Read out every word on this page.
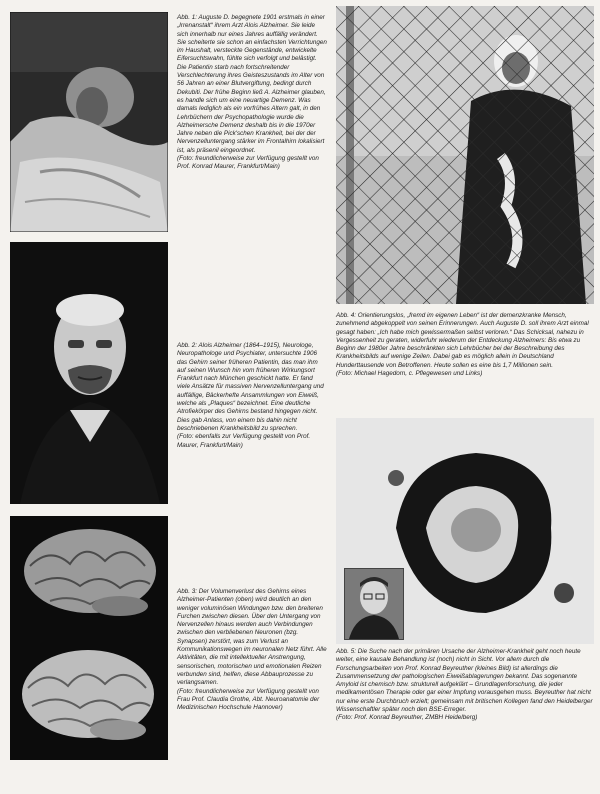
Abb. 1: Auguste D. begegnete 1901 erstmals in einer „Irrenanstalt“ ihrem Arzt Alois Alzheimer. Sie leide sich innerhalb nur eines Jahres auffällig verändert. Sie scheiterte sie schon an einfachsten Verrichtungen im Haushalt, versteckte Gegenstände, entwickelte Eifersuchtswahn, fühlte sich verfolgt und belästigt. Die Patientin starb nach fortschreitender Verschlechterung ihres Geisteszustands im Alter von 56 Jahren an einer Blutvergiftung, bedingt durch Dekubiti. Der frühe Beginn ließ A. Alzheimer glauben, es handle sich um eine neuartige Demenz. Was damals lediglich als ein vorfrühes Altern galt, in den Lehrbüchern der Psychopathologie wurde die Alzheimersche Demenz deshalb bis in die 1970er Jahre neben die Pick'schen Krankheit, bei der der Nervenzelluntergang stärker im Frontalhirn lokalisiert ist, als präsenil eingeordnet.

(Foto: freundlicherweise zur Verfügung gestellt von Prof. Konrad Maurer, Frankfurt/Main)

Abb. 4: Orientierungslos, „fremd im eigenen Leben“ ist der demenzkranke Mensch, zunehmend abgekoppelt von seinen Erinnerungen. Auch Auguste D. soll ihrem Arzt einmal gesagt haben: „Ich habe mich gewissermaßen selbst verloren.“ Das Schicksal, nahezu in Vergessenheit zu geraten, widerfuhr wiederum der Entdeckung Alzheimers: Bis etwa zu Beginn der 1980er Jahre beschränkten sich Lehrbücher bei der Beschreibung des Krankheitsbilds auf wenige Zeilen. Dabei gab es möglich allein in Deutschland Hunderttausende von Betroffenen. Heute sollen es eine bis 1,7 Millionen sein.

(Foto: Michael Hagedorn, c. Pflegewesen und Links)

Abb. 2: Alois Alzheimer (1864–1915), Neurologe, Neuropathologe und Psychiater, untersuchte 1906 das Gehirn seiner früheren Patientin, das man ihm auf seinen Wunsch hin vom früheren Wirkungsort Frankfurt nach München geschickt hatte. Er fand viele Ansätze für massiven Nervenzelluntergang und auffällige, Bäckerhefte Ansammlungen von Eiweiß, welche als „Plaques“ bezeichnet. Eine deutliche Atrofiekörper des Gehirns bestand hingegen nicht. Dies gab Anlass, von einem bis dahin nicht beschriebenen Krankheitsbild zu sprechen.

(Foto: ebenfalls zur Verfügung gestellt von Prof. Maurer, Frankfurt/Main)

Abb. 3: Der Volumenverlust des Gehirns eines Alzheimer-Patienten (oben) wird deutlich an den weniger voluminösen Windungen bzw. den breiteren Furchen zwischen diesen. Über den Untergang von Nervenzellen hinaus werden auch Verbindungen zwischen den verbliebenen Neuronen (bzg. Synapsen) zerstört, was zum Verlust an Kommunikationswegen im neuronalen Netz führt. Alle Aktivitäten, die mit intellektueller Anstrengung, sensorischen, motorischen und emotionalen Reizen verbunden sind, helfen, diese Abbauprozesse zu verlangsamen.

(Foto: freundlicherweise zur Verfügung gestellt von Frau Prof. Claudia Grothe, Abt. Neuroanatomie der Medizinischen Hochschule Hannover)

Abb. 5: Die Suche nach der primären Ursache der Alzheimer-Krankheit geht noch heute weiter, eine kausale Behandlung ist (noch) nicht in Sicht. Vor allem durch die Forschungsarbeiten von Prof. Konrad Beyreuther (kleines Bild) ist allerdings die Zusammensetzung der pathologischen Eiweißablagerungen bekannt. Das sogenannte Amyloid ist chemisch bzw. strukturell aufgeklärt – Grundlagenforschung, die jeder medikamentösen Therapie oder gar einer Impfung vorausgehen muss. Beyreuther hat nicht nur eine erste Durchbruch erzielt; gemeinsam mit britischen Kollegen fand den Heidelberger Wissenschaftler später noch den BSE-Erreger.

(Foto: Prof. Konrad Beyreuther, ZMBH Heidelberg)
